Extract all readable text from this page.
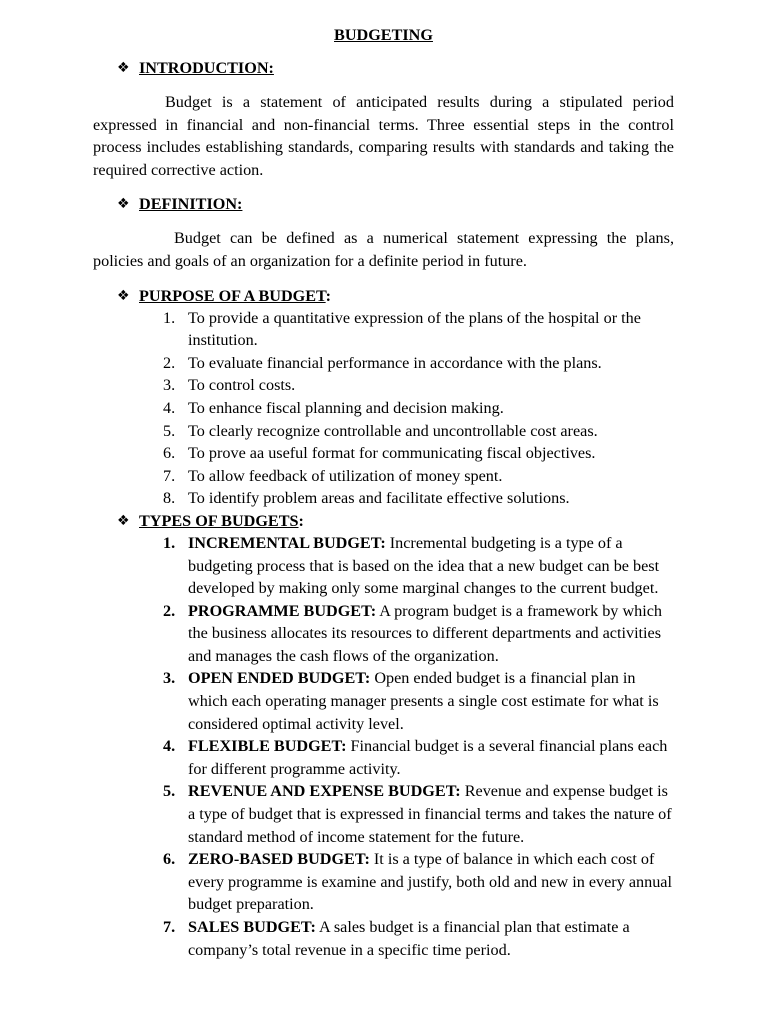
BUDGETING

❖ INTRODUCTION:

Budget is a statement of anticipated results during a stipulated period expressed in financial and non-financial terms. Three essential steps in the control process includes establishing standards, comparing results with standards and taking the required corrective action.

❖ DEFINITION:

Budget can be defined as a numerical statement expressing the plans, policies and goals of an organization for a definite period in future.

❖ PURPOSE OF A BUDGET:

1. To provide a quantitative expression of the plans of the hospital or the institution.
2. To evaluate financial performance in accordance with the plans.
3. To control costs.
4. To enhance fiscal planning and decision making.
5. To clearly recognize controllable and uncontrollable cost areas.
6. To prove aa useful format for communicating fiscal objectives.
7. To allow feedback of utilization of money spent.
8. To identify problem areas and facilitate effective solutions.

❖ TYPES OF BUDGETS:

1. INCREMENTAL BUDGET: Incremental budgeting is a type of a budgeting process that is based on the idea that a new budget can be best developed by making only some marginal changes to the current budget.
2. PROGRAMME BUDGET: A program budget is a framework by which the business allocates its resources to different departments and activities and manages the cash flows of the organization.
3. OPEN ENDED BUDGET: Open ended budget is a financial plan in which each operating manager presents a single cost estimate for what is considered optimal activity level.
4. FLEXIBLE BUDGET: Financial budget is a several financial plans each for different programme activity.
5. REVENUE AND EXPENSE BUDGET: Revenue and expense budget is a type of budget that is expressed in financial terms and takes the nature of standard method of income statement for the future.
6. ZERO-BASED BUDGET: It is a type of balance in which each cost of every programme is examine and justify, both old and new in every annual budget preparation.
7. SALES BUDGET: A sales budget is a financial plan that estimate a company’s total revenue in a specific time period.
